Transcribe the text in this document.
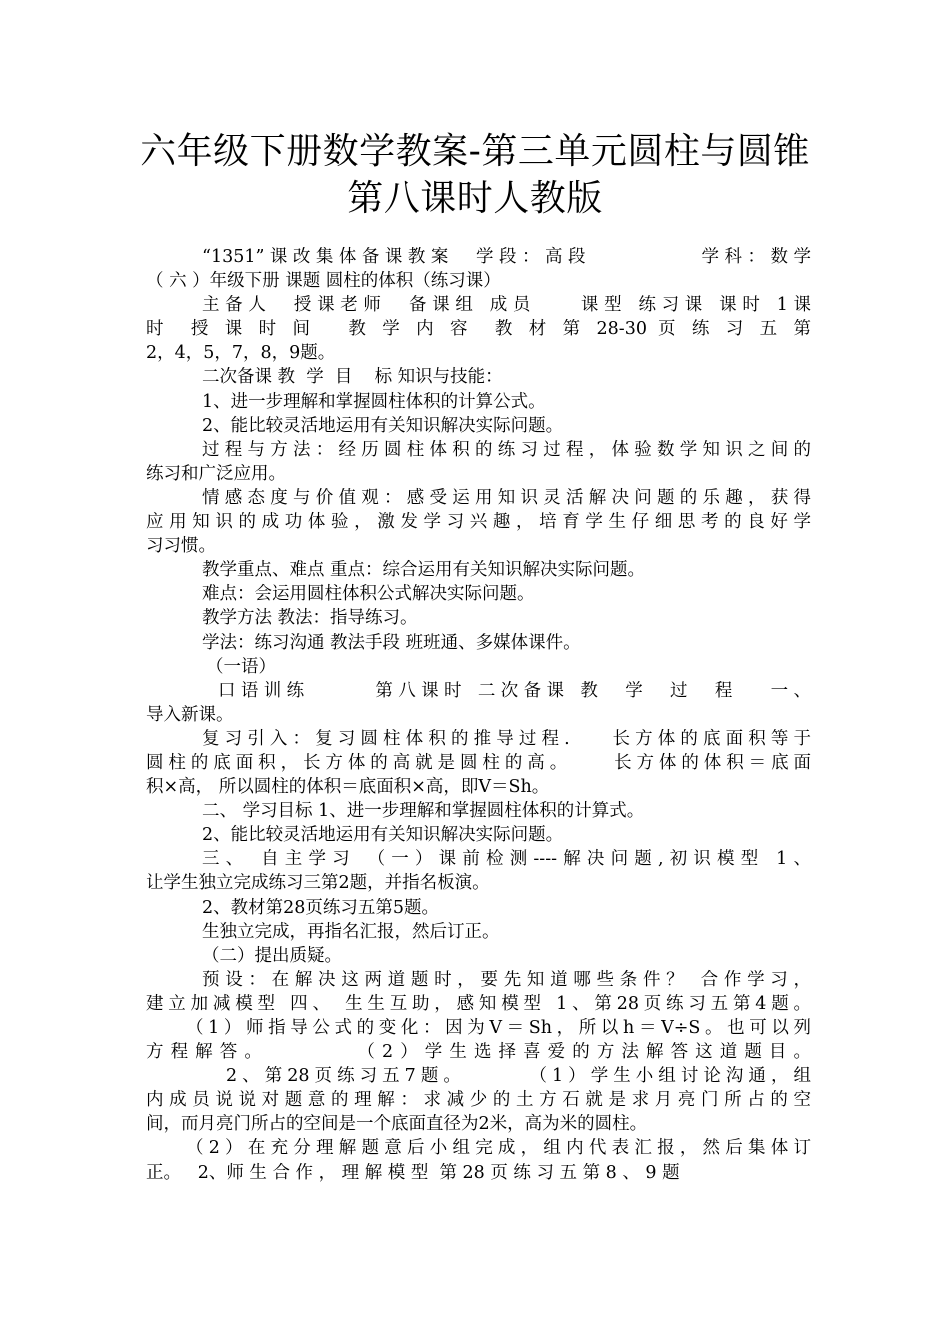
六年级下册数学教案-第三单元圆柱与圆锥
第八课时人教版
“1351”课改集体备课教案  学段：高段          学科：数学
（ 六 ）年级下册 课题 圆柱的体积（练习课）
主备人  授课老师  备课组 成员    课型 练习课 课时 1课
时  授 课 时 间   教 学 内 容  教 材 第 28-30 页 练 习 五 第
2，4，5，7，8，9题。
二次备课 教  学  目    标 知识与技能：
1、进一步理解和掌握圆柱体积的计算公式。
2、能比较灵活地运用有关知识解决实际问题。
过程与方法：经历圆柱体积的练习过程，体验数学知识之间的
练习和广泛应用。
情感态度与价值观：感受运用知识灵活解决问题的乐趣，获得
应用知识的成功体验，激发学习兴趣，培育学生仔细思考的良好学
习习惯。
教学重点、难点 重点：综合运用有关知识解决实际问题。
难点：会运用圆柱体积公式解决实际问题。
教学方法 教法：指导练习。
学法：练习沟通 教法手段 班班通、多媒体课件。
（一语）
口语训练      第八课时 二次备课 教  学  过  程   一、
导入新课。
复习引入：复习圆柱体积的推导过程.    长方体的底面积等于
圆柱的底面积，长方体的高就是圆柱的高。    长方体的体积＝底面
积×高， 所以圆柱的体积＝底面积×高，即V＝Sh。
二、 学习目标 1、进一步理解和掌握圆柱体积的计算式。
2、能比较灵活地运用有关知识解决实际问题。
三、 自主学习 （一）课前检测----解决问题,初识模型 1、
让学生独立完成练习三第2题，并指名板演。
2、教材第28页练习五第5题。
生独立完成，再指名汇报，然后订正。
（二）提出质疑。
预设：在解决这两道题时，要先知道哪些条件？ 合作学习，
建立加减模型 四、 生生互助，感知模型 1、第28页练习五第4题。
（1）师指导公式的变化：因为V＝Sh，所以h＝V÷S。也可以列
方程解答。       （2）学生选择喜爱的方法解答这道题目。
2、第28页练习五7题。      （1）学生小组讨论沟通，组
内成员说说对题意的理解：求减少的土方石就是求月亮门所占的空
间，而月亮门所占的空间是一个底面直径为2米，高为米的圆柱。
（2）在充分理解题意后小组完成，组内代表汇报，然后集体订
正。   2、师 生 合 作 ， 理 解 模 型  第 28 页 练 习 五 第 8 、 9 题
